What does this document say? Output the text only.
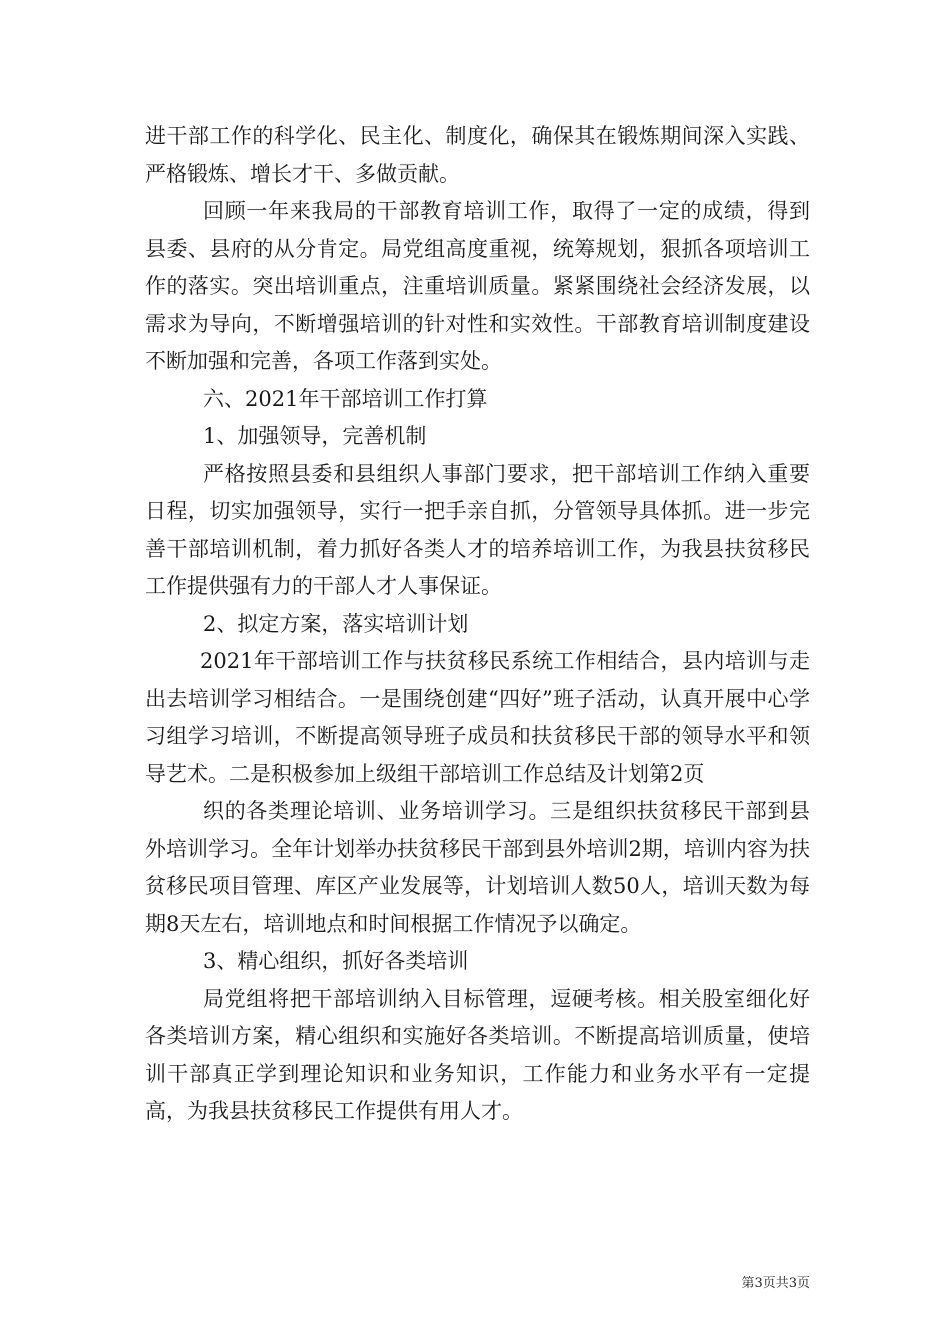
进干部工作的科学化、民主化、制度化，确保其在锻炼期间深入实践、严格锻炼、增长才干、多做贡献。

回顾一年来我局的干部教育培训工作，取得了一定的成绩，得到县委、县府的从分肯定。局党组高度重视，统筹规划，狠抓各项培训工作的落实。突出培训重点，注重培训质量。紧紧围绕社会经济发展，以需求为导向，不断增强培训的针对性和实效性。干部教育培训制度建设不断加强和完善，各项工作落到实处。

六、2021年干部培训工作打算

1、加强领导，完善机制

严格按照县委和县组织人事部门要求，把干部培训工作纳入重要日程，切实加强领导，实行一把手亲自抓，分管领导具体抓。进一步完善干部培训机制，着力抓好各类人才的培养培训工作，为我县扶贫移民工作提供强有力的干部人才人事保证。

2、拟定方案，落实培训计划

2021年干部培训工作与扶贫移民系统工作相结合，县内培训与走出去培训学习相结合。一是围绕创建“四好”班子活动，认真开展中心学习组学习培训，不断提高领导班子成员和扶贫移民干部的领导水平和领导艺术。二是积极参加上级组干部培训工作总结及计划第2页

织的各类理论培训、业务培训学习。三是组织扶贫移民干部到县外培训学习。全年计划举办扶贫移民干部到县外培训2期，培训内容为扶贫移民项目管理、库区产业发展等，计划培训人数50人，培训天数为每期8天左右，培训地点和时间根据工作情况予以确定。

3、精心组织，抓好各类培训

局党组将把干部培训纳入目标管理，逗硬考核。相关股室细化好各类培训方案，精心组织和实施好各类培训。不断提高培训质量，使培训干部真正学到理论知识和业务知识，工作能力和业务水平有一定提高，为我县扶贫移民工作提供有用人才。

第3页共3页
